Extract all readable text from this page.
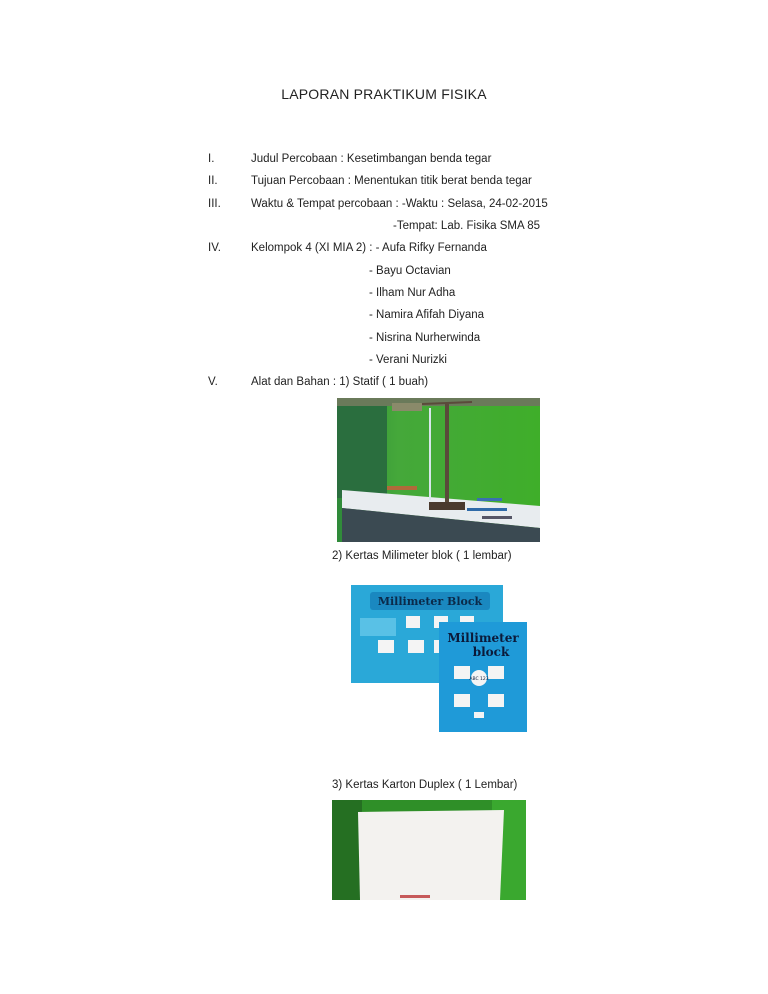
LAPORAN PRAKTIKUM FISIKA
I.	Judul Percobaan : Kesetimbangan benda tegar
II.	Tujuan Percobaan : Menentukan titik berat benda tegar
III.	Waktu & Tempat percobaan : -Waktu : Selasa, 24-02-2015
-Tempat: Lab. Fisika SMA 85
IV.	Kelompok 4 (XI MIA 2) : - Aufa Rifky Fernanda
- Bayu Octavian
- Ilham Nur Adha
- Namira Afifah Diyana
- Nisrina Nurherwinda
- Verani Nurizki
V.	Alat dan Bahan : 1) Statif ( 1 buah)
2) Kertas Milimeter blok ( 1 lembar)
Millimeter Block
Millimeter
block
ABC 123
3) Kertas Karton Duplex ( 1 Lembar)
